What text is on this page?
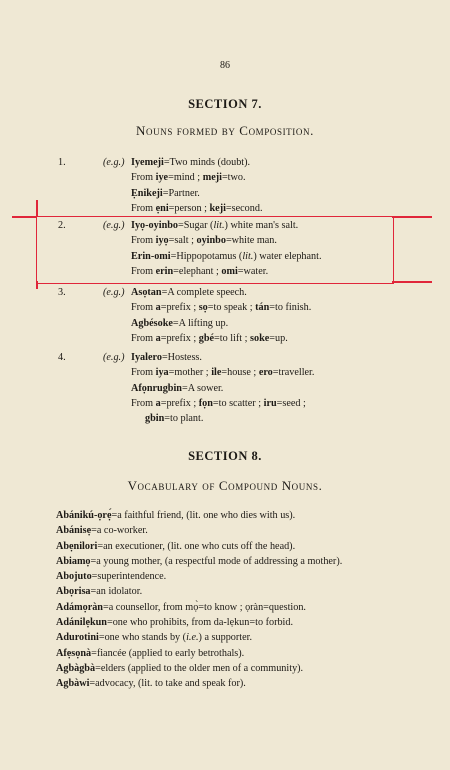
86
SECTION 7.
Nouns formed by Composition.
1.	(e.g.) Iyemeji=Two minds (doubt).
From iye=mind ; meji=two.
Ẹnikeji=Partner.
From ẹni=person ; keji=second.
2.	(e.g.) Iyọ-oyinbo=Sugar (lit.) white man's salt.
From iyọ=salt ; oyinbo=white man.
Erin-omi=Hippopotamus (lit.) water elephant.
From erin=elephant ; omi=water.
3.	(e.g.) Asọtan=A complete speech.
From a=prefix ; sọ=to speak ; tán=to finish.
Agbésoke=A lifting up.
From a=prefix ; gbé=to lift ; soke=up.
4.	(e.g.) Iyalero=Hostess.
From iya=mother ; ile=house ; ero=traveller.
Afọnrugbin=A sower.
From a=prefix ; fọn=to scatter ; iru=seed ;
gbin=to plant.
SECTION 8.
Vocabulary of Compound Nouns.
Abánikú-ọrẹ́=a faithful friend, (lit. one who dies with us).
Abánisẹ=a co-worker.
Abẹnilori=an executioner, (lit. one who cuts off the head).
Abiamọ=a young mother, (a respectful mode of addressing a mother).
Abojuto=superintendence.
Abọrisa=an idolator.
Adámọràn=a counsellor, from mọ̀=to know ; ọràn=question.
Adánilẹkun=one who prohibits, from da-lẹkun=to forbid.
Adurotini=one who stands by (i.e.) a supporter.
Afẹsọnà=fiancée (applied to early betrothals).
Agbàgbà=elders (applied to the older men of a community).
Agbàwi=advocacy, (lit. to take and speak for).
